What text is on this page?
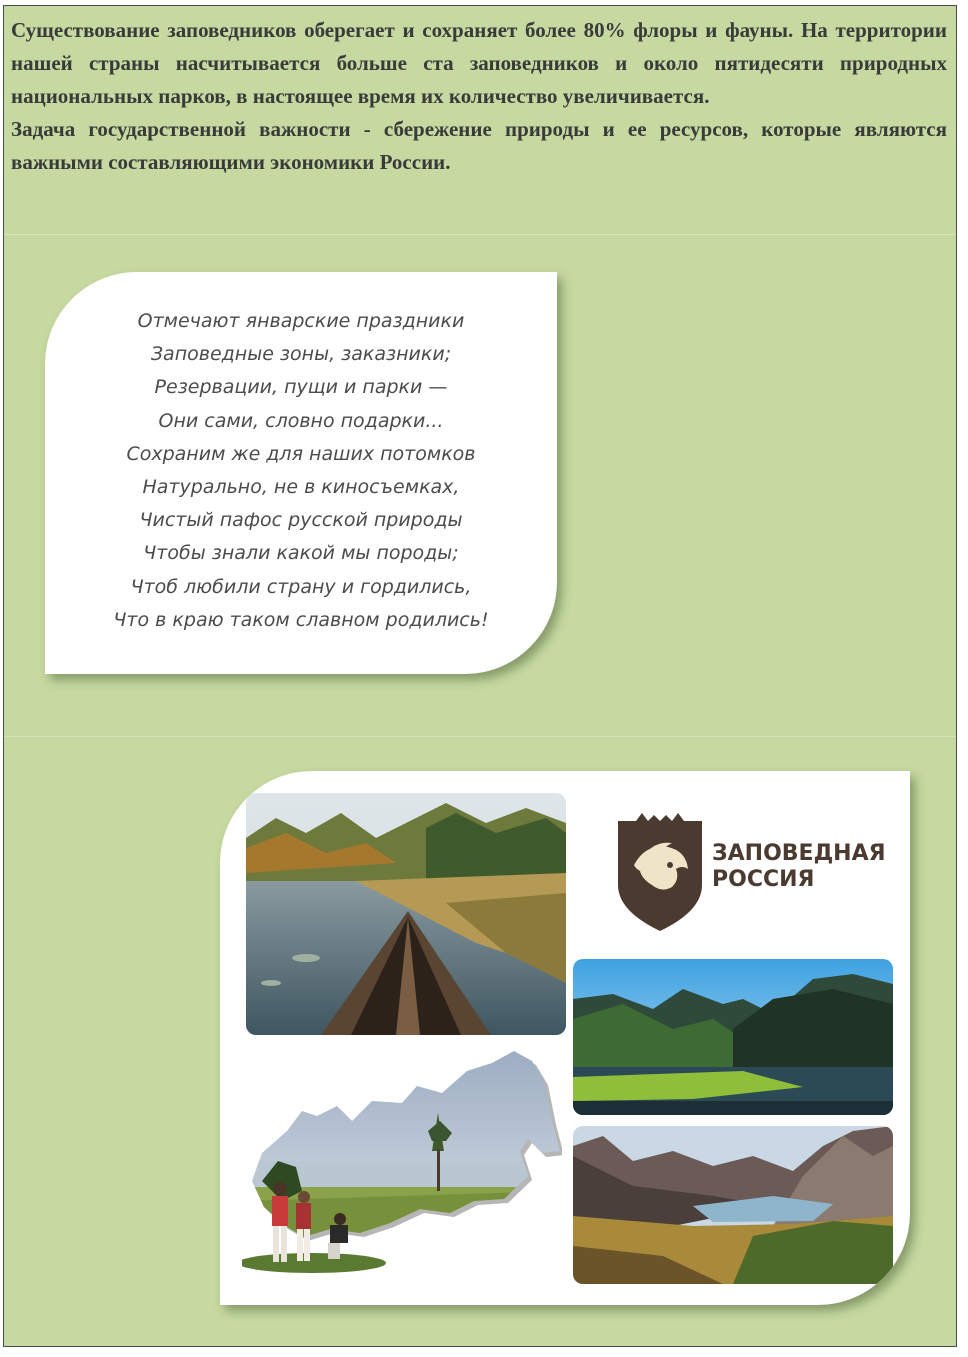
Существование заповедников оберегает и сохраняет более 80% флоры и фауны. На территории нашей страны насчитывается больше ста заповедников и около пятидесяти природных национальных парков, в настоящее время их количество увеличивается.

Задача государственной важности - сбережение природы и ее ресурсов, которые являются важными составляющими экономики России.

Отмечают январские праздники
Заповедные зоны, заказники;
Резервации, пущи и парки —
Они сами, словно подарки...
Сохраним же для наших потомков
Натурально, не в киносъемках,
Чистый пафос русской природы
Чтобы знали какой мы породы;
Чтоб любили страну и гордились,
Что в краю таком славном родились!
ЗАПОВЕДНАЯ
РОССИЯ
